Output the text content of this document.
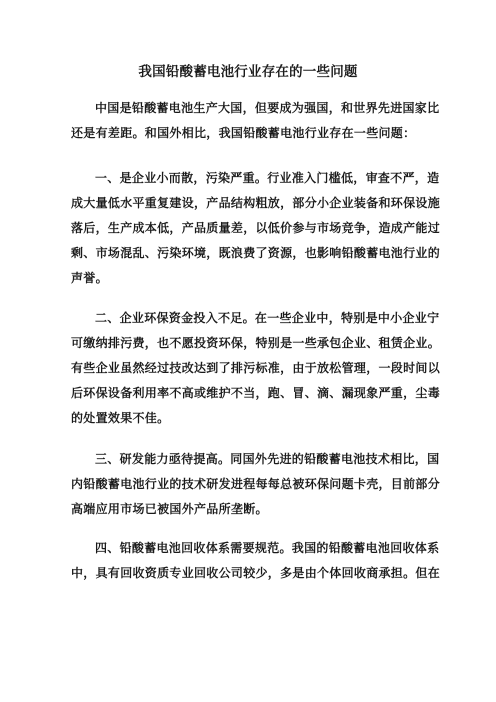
我国铅酸蓄电池行业存在的一些问题
中国是铅酸蓄电池生产大国，但要成为强国，和世界先进国家比
还是有差距。和国外相比，我国铅酸蓄电池行业存在一些问题：
一、是企业小而散，污染严重。行业准入门槛低，审查不严，造
成大量低水平重复建设，产品结构粗放，部分小企业装备和环保设施
落后，生产成本低，产品质量差，以低价参与市场竞争，造成产能过
剩、市场混乱、污染环境，既浪费了资源，也影响铅酸蓄电池行业的
声誉。
二、企业环保资金投入不足。在一些企业中，特别是中小企业宁
可缴纳排污费，也不愿投资环保，特别是一些承包企业、租赁企业。
有些企业虽然经过技改达到了排污标准，由于放松管理，一段时间以
后环保设备利用率不高或维护不当，跑、冒、滴、漏现象严重，尘毒
的处置效果不佳。
三、研发能力亟待提高。同国外先进的铅酸蓄电池技术相比，国
内铅酸蓄电池行业的技术研发进程每每总被环保问题卡壳，目前部分
高端应用市场已被国外产品所垄断。
四、铅酸蓄电池回收体系需要规范。我国的铅酸蓄电池回收体系
中，具有回收资质专业回收公司较少，多是由个体回收商承担。但在
